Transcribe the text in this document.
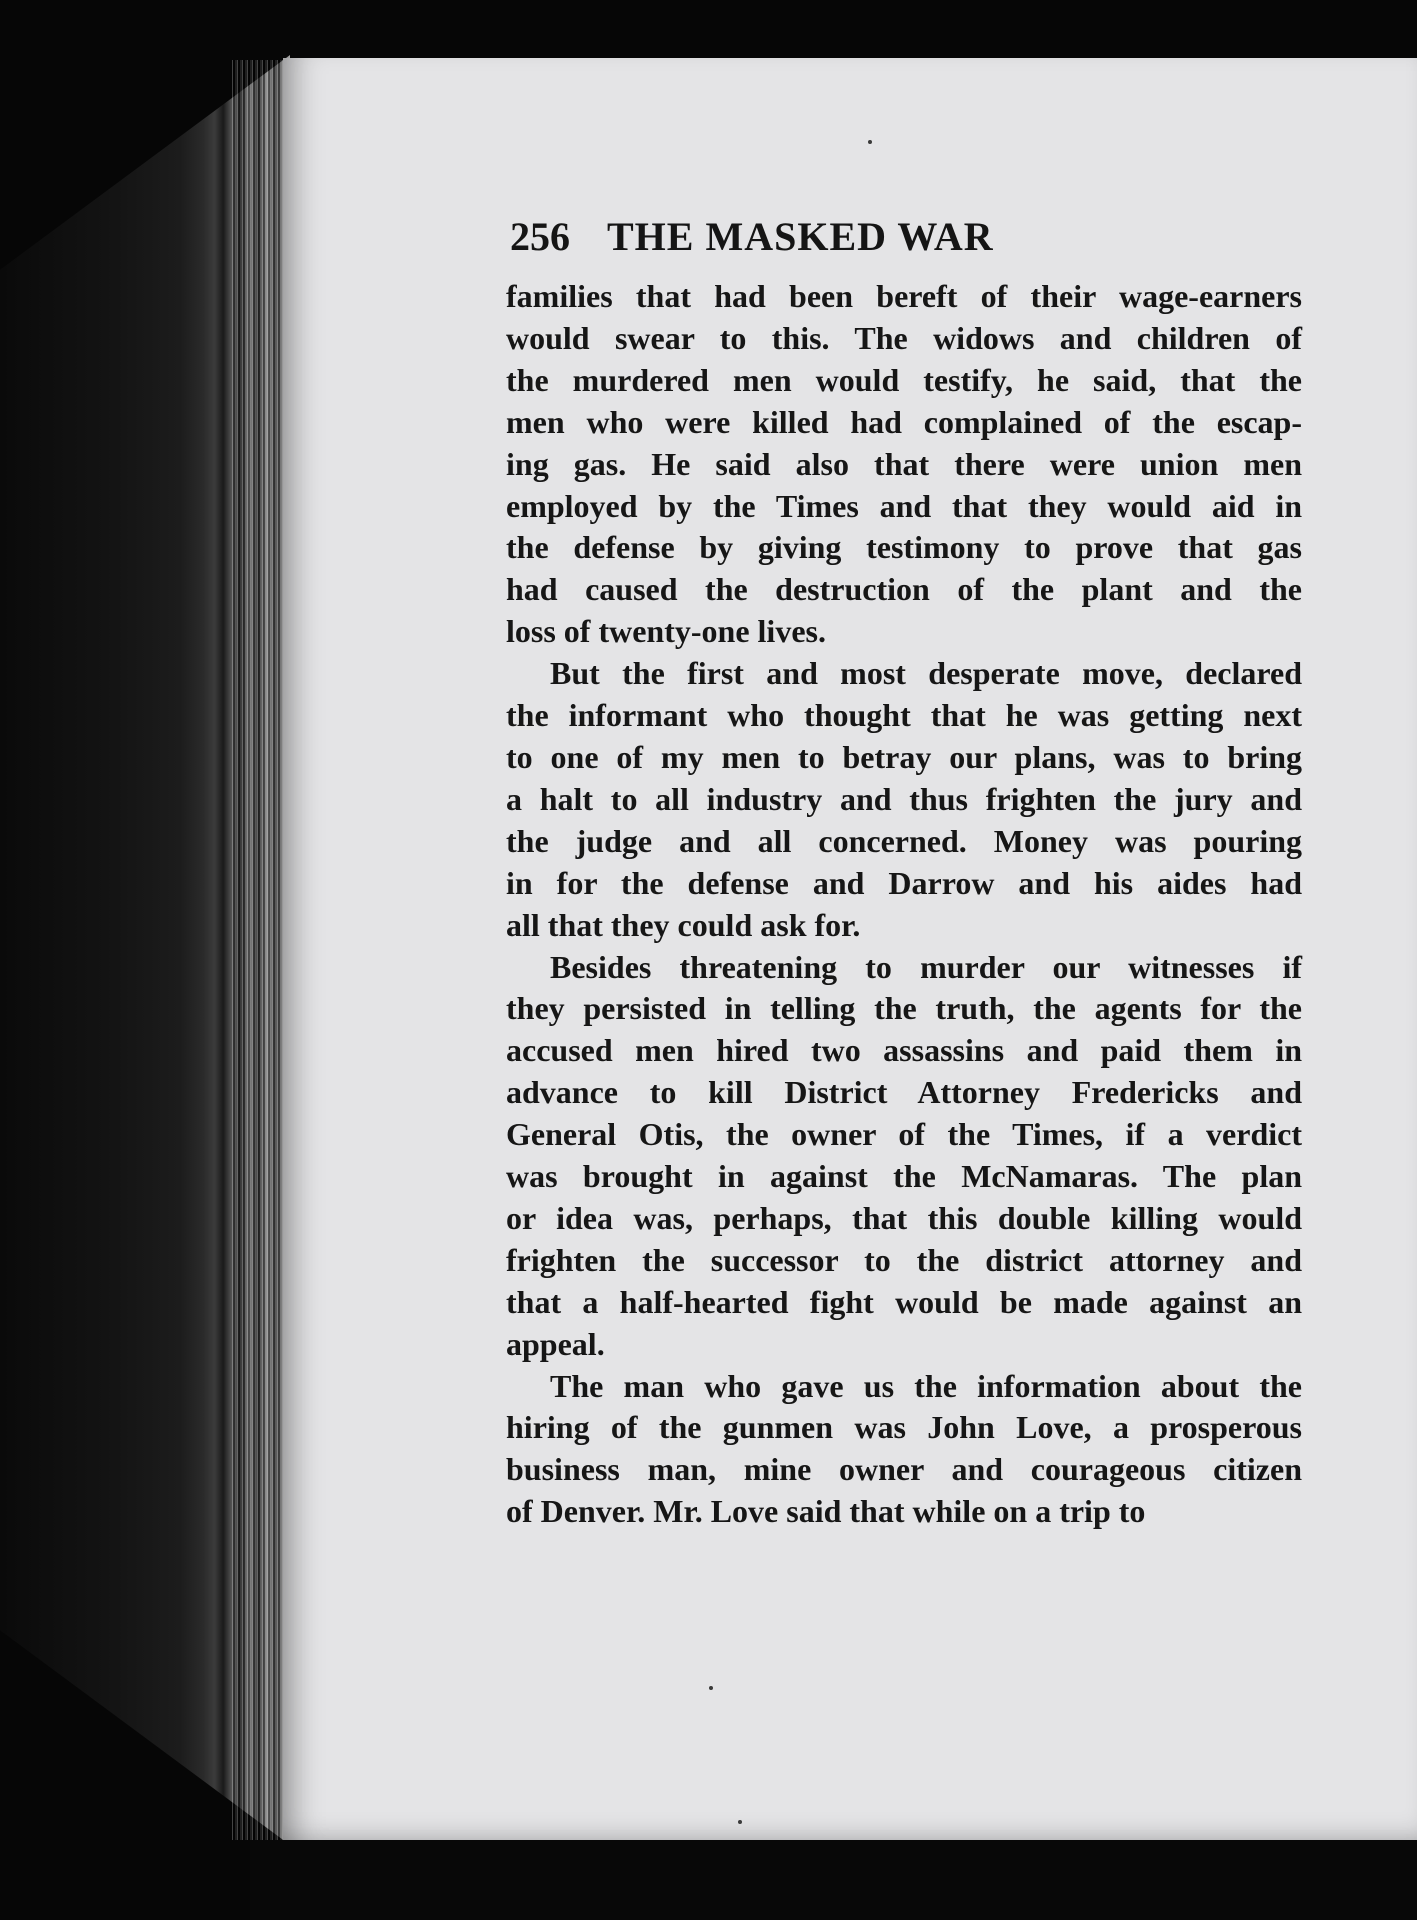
256 THE MASKED WAR
families that had been bereft of their wage-earners
would swear to this. The widows and children of
the murdered men would testify, he said, that the
men who were killed had complained of the escap-
ing gas. He said also that there were union men
employed by the Times and that they would aid in
the defense by giving testimony to prove that gas
had caused the destruction of the plant and the
loss of twenty-one lives.
But the first and most desperate move, declared
the informant who thought that he was getting next
to one of my men to betray our plans, was to bring
a halt to all industry and thus frighten the jury and
the judge and all concerned. Money was pouring
in for the defense and Darrow and his aides had
all that they could ask for.
Besides threatening to murder our witnesses if
they persisted in telling the truth, the agents for the
accused men hired two assassins and paid them in
advance to kill District Attorney Fredericks and
General Otis, the owner of the Times, if a verdict
was brought in against the McNamaras. The plan
or idea was, perhaps, that this double killing would
frighten the successor to the district attorney and
that a half-hearted fight would be made against an
appeal.
The man who gave us the information about the
hiring of the gunmen was John Love, a prosperous
business man, mine owner and courageous citizen
of Denver. Mr. Love said that while on a trip to
